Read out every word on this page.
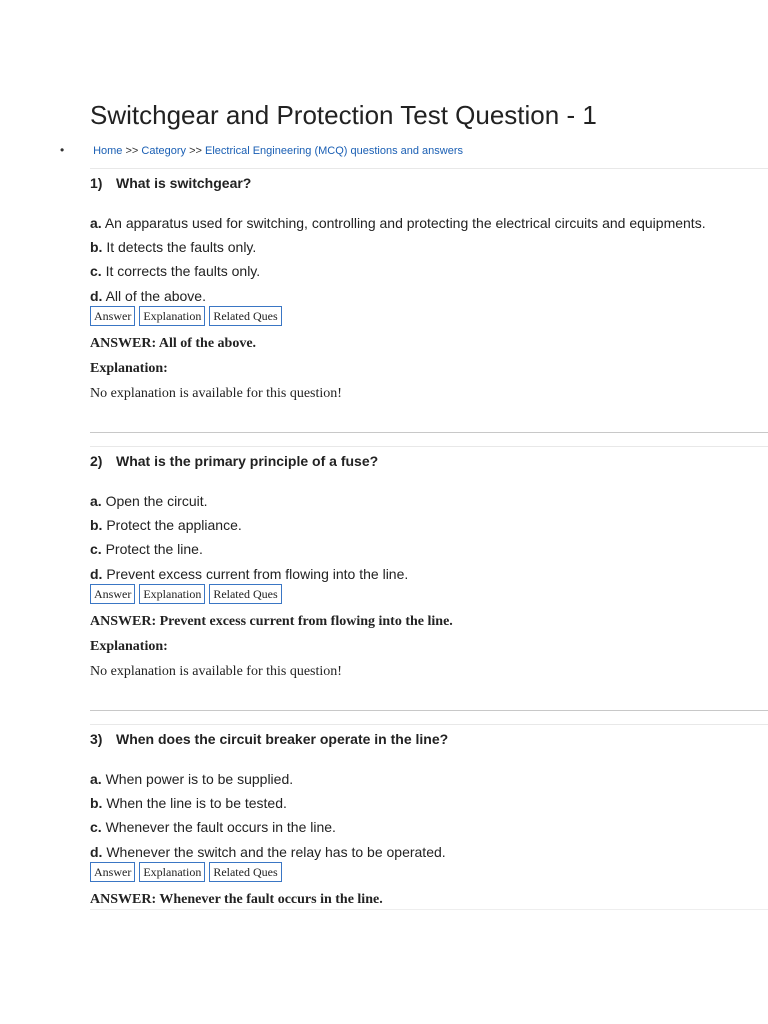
Switchgear and Protection Test Question - 1
•	Home >> Category >> Electrical Engineering (MCQ) questions and answers

1) What is switchgear?

a. An apparatus used for switching, controlling and protecting the electrical circuits and equipments.
b. It detects the faults only.
c. It corrects the faults only.
d. All of the above.
Answer	Explanation	Related Ques
ANSWER: All of the above.
Explanation:
No explanation is available for this question!

2) What is the primary principle of a fuse?

a. Open the circuit.
b. Protect the appliance.
c. Protect the line.
d. Prevent excess current from flowing into the line.
Answer	Explanation	Related Ques
ANSWER: Prevent excess current from flowing into the line.
Explanation:
No explanation is available for this question!

3) When does the circuit breaker operate in the line?

a. When power is to be supplied.
b. When the line is to be tested.
c. Whenever the fault occurs in the line.
d. Whenever the switch and the relay has to be operated.
Answer	Explanation	Related Ques
ANSWER: Whenever the fault occurs in the line.
